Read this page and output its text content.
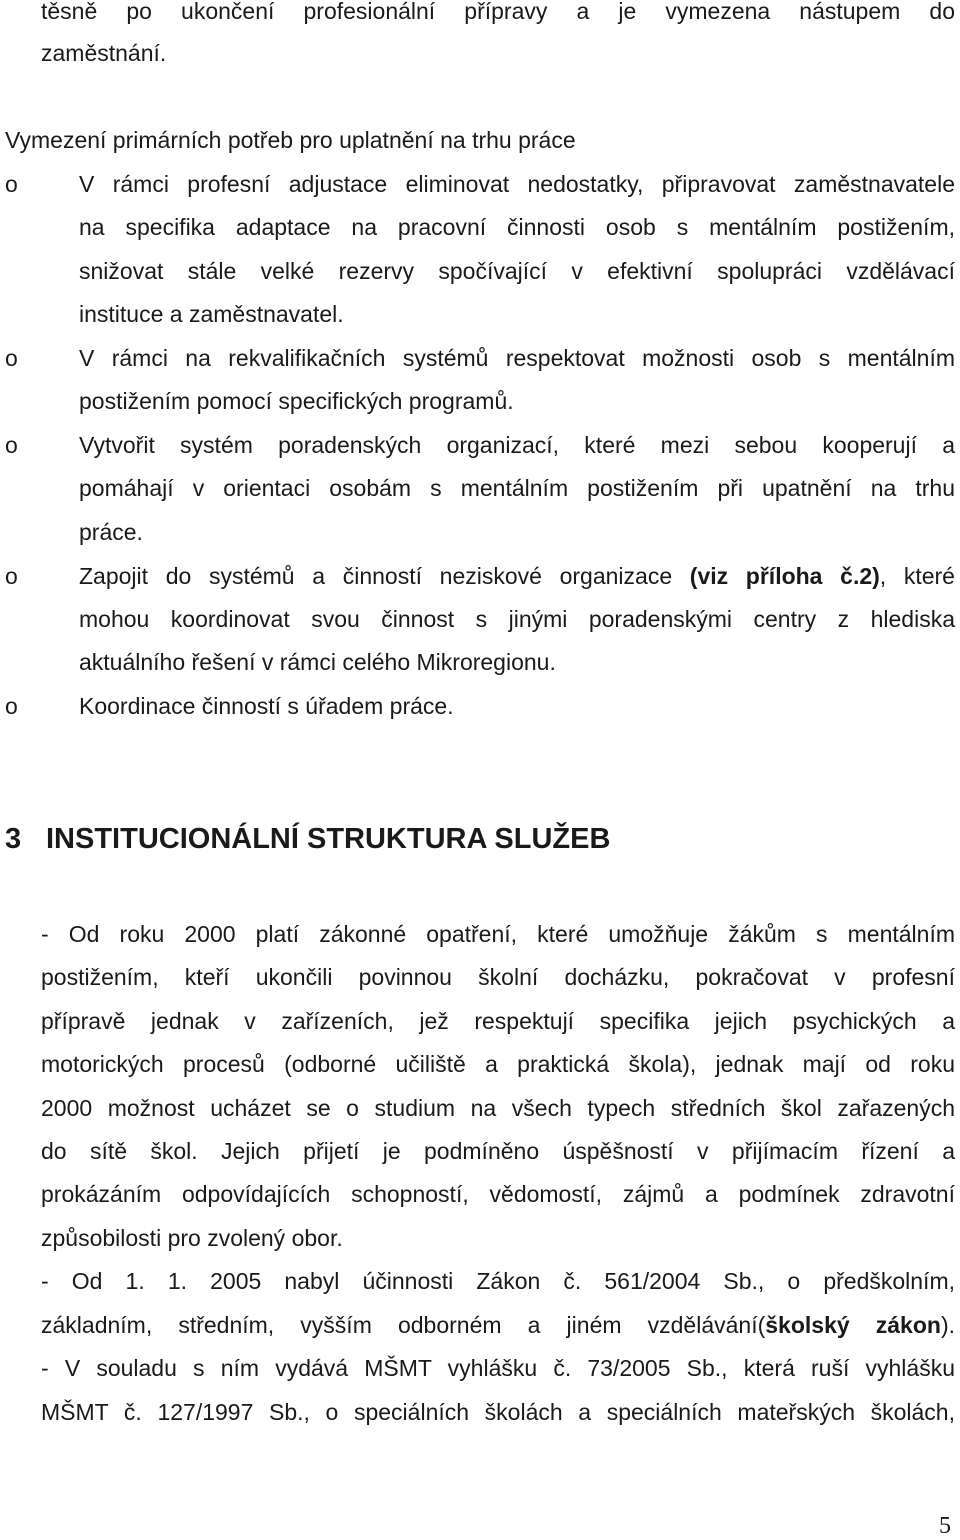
těsně po ukončení profesionální přípravy a je vymezena nástupem do
zaměstnání.
Vymezení primárních potřeb pro uplatnění na trhu práce
o	V rámci profesní adjustace eliminovat nedostatky, připravovat zaměstnavatele
na specifika adaptace na pracovní činnosti osob s mentálním postižením,
snižovat stále velké rezervy spočívající v efektivní spolupráci vzdělávací
instituce a zaměstnavatel.
o	V rámci na rekvalifikačních systémů respektovat možnosti osob s mentálním
postižením pomocí specifických programů.
o	Vytvořit systém poradenských organizací, které mezi sebou kooperují a
pomáhají v orientaci osobám s mentálním postižením při upatnění na trhu
práce.
o	Zapojit do systémů a činností neziskové organizace (viz příloha č.2), které
mohou koordinovat svou činnost s jinými poradenskými centry z hlediska
aktuálního řešení v rámci celého Mikroregionu.
o	Koordinace činností s úřadem práce.
3 INSTITUCIONÁLNÍ STRUKTURA SLUŽEB
- Od roku 2000 platí zákonné opatření, které umožňuje žákům s mentálním
postižením, kteří ukončili povinnou školní docházku, pokračovat v profesní
přípravě jednak v zařízeních, jež respektují specifika jejich psychických a
motorických procesů (odborné učiliště a praktická škola), jednak mají od roku
2000 možnost ucházet se o studium na všech typech středních škol zařazených
do sítě škol. Jejich přijetí je podmíněno úspěšností v přijímacím řízení a
prokázáním odpovídajících schopností, vědomostí, zájmů a podmínek zdravotní
způsobilosti pro zvolený obor.
- Od 1. 1. 2005 nabyl účinnosti Zákon č. 561/2004 Sb., o předškolním,
základním, středním, vyšším odborném a jiném vzdělávání(školský zákon).
- V souladu s ním vydává MŠMT vyhlášku č. 73/2005 Sb., která ruší vyhlášku
MŠMT č. 127/1997 Sb., o speciálních školách a speciálních mateřských školách,
5
